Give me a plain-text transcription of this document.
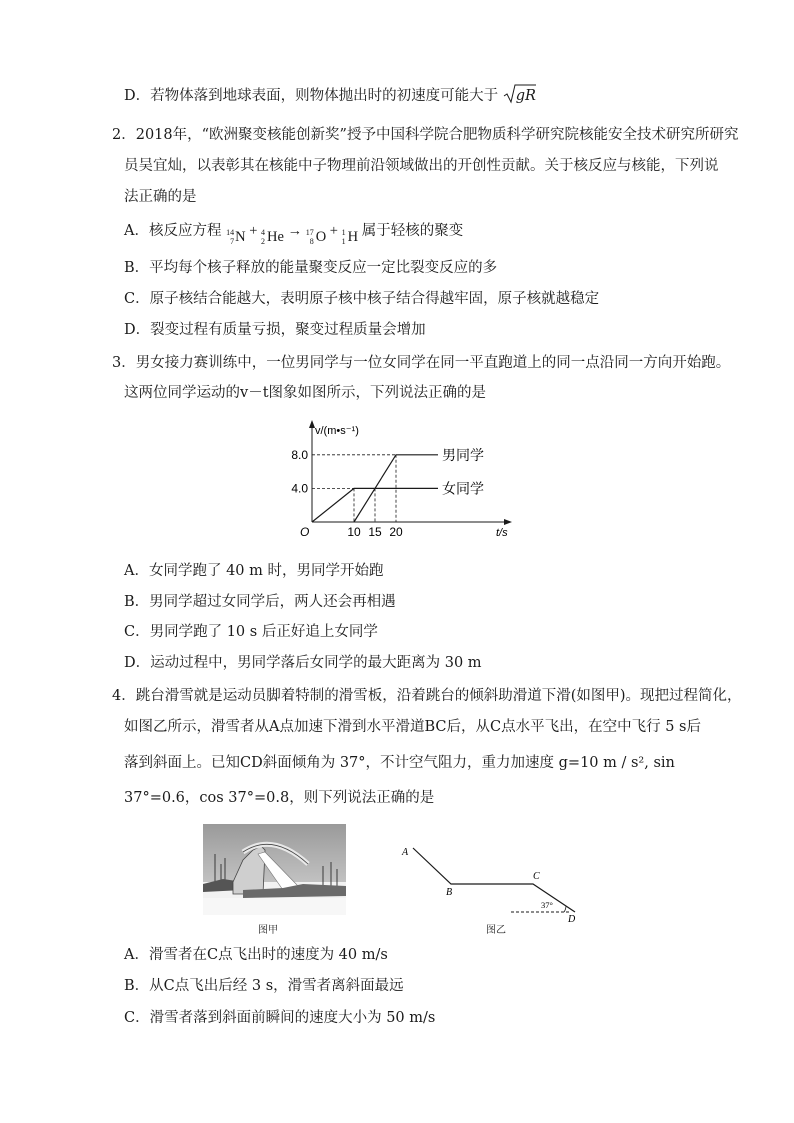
D．若物体落到地球表面，则物体抛出时的初速度可能大于 gR
2．2018年，“欧洲聚变核能创新奖”授予中国科学院合肥物质科学研究院核能安全技术研究所研究
员吴宜灿，以表彰其在核能中子物理前沿领域做出的开创性贡献。关于核反应与核能，下列说
法正确的是
A．核反应方程 14
7 N + 4
2 He → 17
8 O + 1
1 H 属于轻核的聚变
B．平均每个核子释放的能量聚变反应一定比裂变反应的多
C．原子核结合能越大，表明原子核中核子结合得越牢固，原子核就越稳定
D．裂变过程有质量亏损，聚变过程质量会增加
3．男女接力赛训练中，一位男同学与一位女同学在同一平直跑道上的同一点沿同一方向开始跑。
这两位同学运动的v－t图象如图所示，下列说法正确的是
v/(m•s⁻¹)
t/s
O
4.0
8.0
10 15 20
男同学
女同学
A．女同学跑了 40 m 时，男同学开始跑
B．男同学超过女同学后，两人还会再相遇
C．男同学跑了 10 s 后正好追上女同学
D．运动过程中，男同学落后女同学的最大距离为 30 m
4．跳台滑雪就是运动员脚着特制的滑雪板，沿着跳台的倾斜助滑道下滑(如图甲)。现把过程简化，
如图乙所示，滑雪者从A点加速下滑到水平滑道BC后，从C点水平飞出，在空中飞行 5 s后
落到斜面上。已知CD斜面倾角为 37°，不计空气阻力，重力加速度 g=10 m / s², sin
37°=0.6，cos 37°=0.8，则下列说法正确的是
图甲
A
B
C
D
37°
图乙
A．滑雪者在C点飞出时的速度为 40 m/s
B．从C点飞出后经 3 s，滑雪者离斜面最远
C．滑雪者落到斜面前瞬间的速度大小为 50 m/s
